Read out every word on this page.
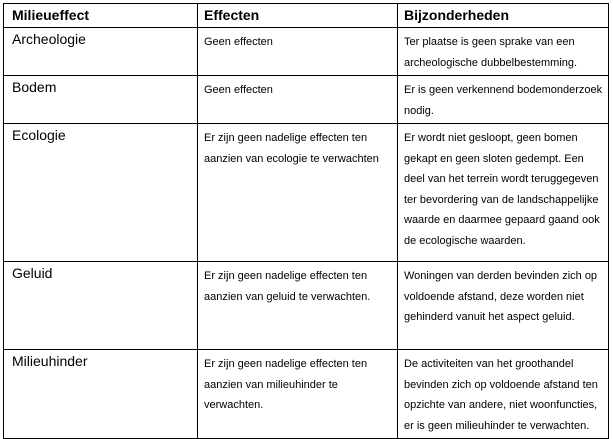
Milieueffect	Effecten	Bijzonderheden
Archeologie	Geen effecten	Ter plaatse is geen sprake van een archeologische dubbelbestemming.
Bodem	Geen effecten	Er is geen verkennend bodemonderzoek nodig.
Ecologie	Er zijn geen nadelige effecten ten aanzien van ecologie te verwachten	Er wordt niet gesloopt, geen bomen gekapt en geen sloten gedempt. Een deel van het terrein wordt teruggegeven ter bevordering van de landschappelijke waarde en daarmee gepaard gaand ook de ecologische waarden.
Geluid	Er zijn geen nadelige effecten ten aanzien van geluid te verwachten.	Woningen van derden bevinden zich op voldoende afstand, deze worden niet gehinderd vanuit het aspect geluid.
Milieuhinder	Er zijn geen nadelige effecten ten aanzien van milieuhinder te verwachten.	De activiteiten van het groothandel bevinden zich op voldoende afstand ten opzichte van andere, niet woonfuncties, er is geen milieuhinder te verwachten.
